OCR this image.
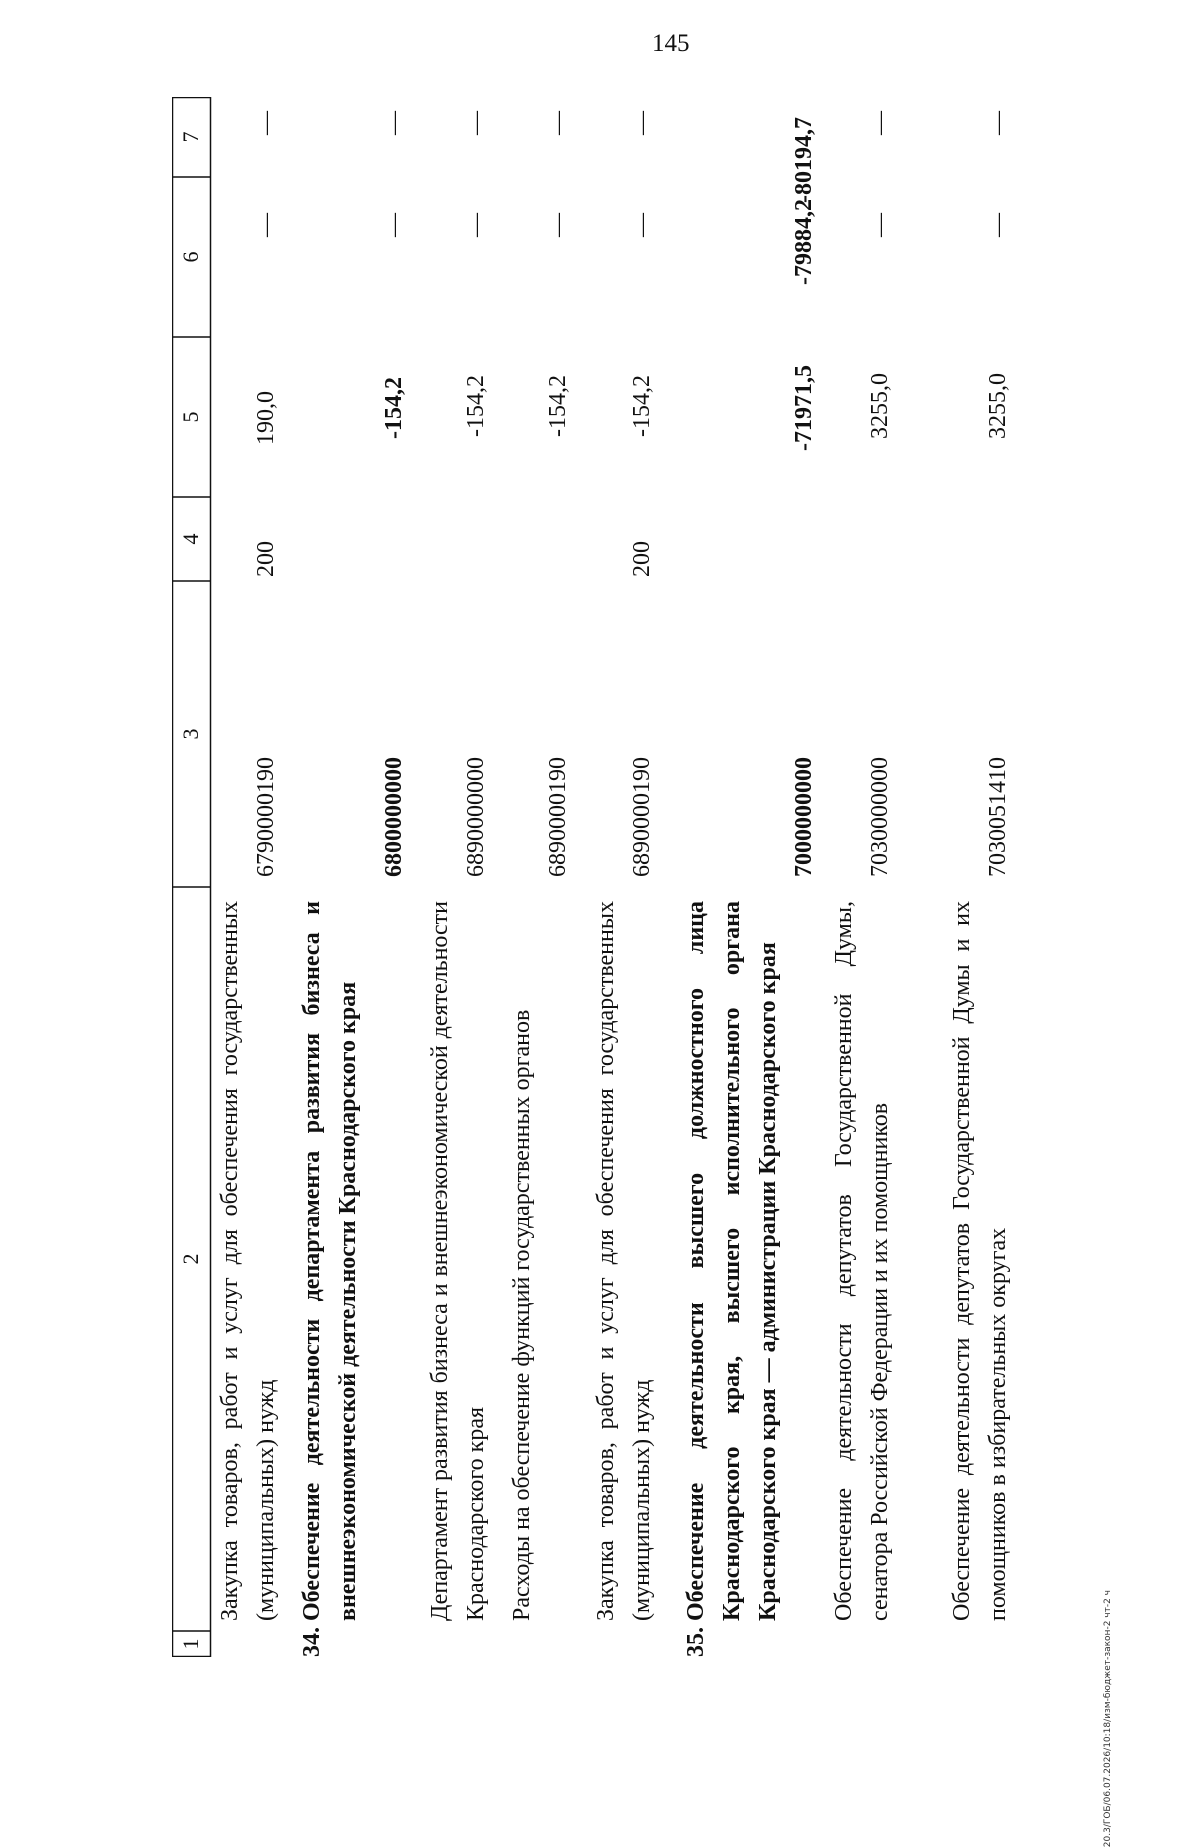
145
1
2
3
4
5
6
7
Закупка товаров, работ и услуг для обеспечения государственных (муниципальных) нужд
6790000190
200
190,0
—
—
34.
Обеспечение деятельности департамента развития бизнеса и внешнеэкономической деятельности Краснодарского края
6800000000
-154,2
—
—
Департамент развития бизнеса и внешнеэкономической деятельности Краснодарского края
6890000000
-154,2
—
—
Расходы на обеспечение функций государственных органов
6890000190
-154,2
—
—
Закупка товаров, работ и услуг для обеспечения государственных (муниципальных) нужд
6890000190
200
-154,2
—
—
35.
Обеспечение деятельности высшего должностного лица Краснодарского края, высшего исполнительного органа Краснодарского края — администрации Краснодарского края
7000000000
-71971,5
-79884,2
-80194,7
Обеспечение деятельности депутатов Государственной Думы, сенатора Российской Федерации и их помощников
7030000000
3255,0
—
—
Обеспечение деятельности депутатов Государственной Думы и их помощников в избирательных округах
7030051410
3255,0
—
—
20.3/ГОБ/06.07.2026/10:18/изм-бюджет-закон-2 чт-2 ч
